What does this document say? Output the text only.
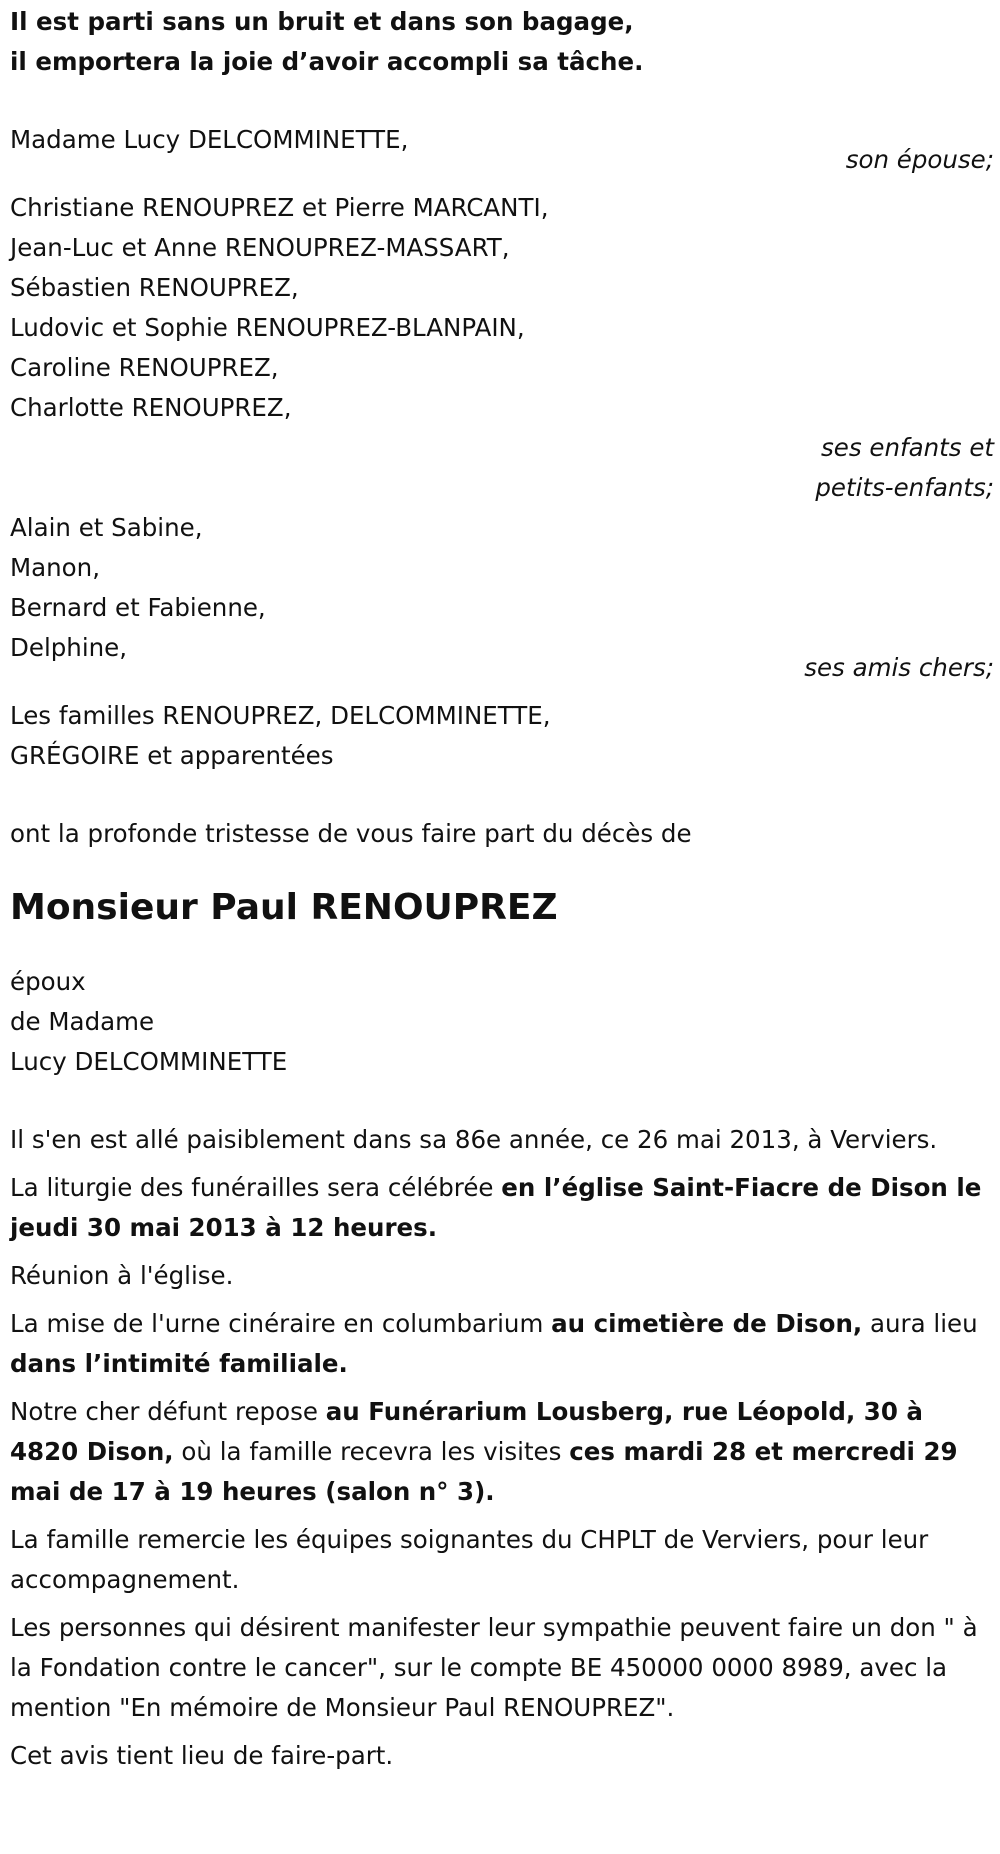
Il est parti sans un bruit et dans son bagage,
il emportera la joie d’avoir accompli sa tâche.
Madame Lucy DELCOMMINETTE,
son épouse;
Christiane RENOUPREZ et Pierre MARCANTI,
Jean-Luc et Anne RENOUPREZ-MASSART,
Sébastien RENOUPREZ,
Ludovic et Sophie RENOUPREZ-BLANPAIN,
Caroline RENOUPREZ,
Charlotte RENOUPREZ,
ses enfants et
petits-enfants;
Alain et Sabine,
Manon,
Bernard et Fabienne,
Delphine,
ses amis chers;
Les familles RENOUPREZ, DELCOMMINETTE,
GRÉGOIRE et apparentées
ont la profonde tristesse de vous faire part du décès de
Monsieur Paul RENOUPREZ
époux
de Madame
Lucy DELCOMMINETTE

Il s'en est allé paisiblement dans sa 86e année, ce 26 mai 2013, à Verviers.

La liturgie des funérailles sera célébrée en l’église Saint-Fiacre de Dison le jeudi 30 mai 2013 à 12 heures.

Réunion à l'église.

La mise de l'urne cinéraire en columbarium au cimetière de Dison, aura lieu dans l’intimité familiale.

Notre cher défunt repose au Funérarium Lousberg, rue Léopold, 30 à 4820 Dison, où la famille recevra les visites ces mardi 28 et mercredi 29 mai de 17 à 19 heures (salon n° 3).

La famille remercie les équipes soignantes du CHPLT de Verviers, pour leur accompagnement.

Les personnes qui désirent manifester leur sympathie peuvent faire un don " à la Fondation contre le cancer", sur le compte BE 450000 0000 8989, avec la mention "En mémoire de Monsieur Paul RENOUPREZ".

Cet avis tient lieu de faire-part.
